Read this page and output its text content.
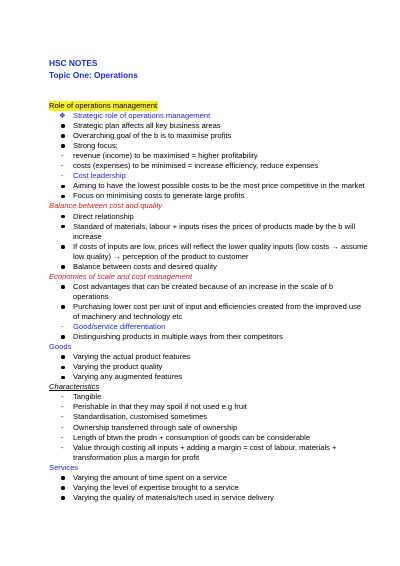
HSC NOTES
Topic One: Operations
Role of operations management
❖ Strategic role of operations management
Strategic plan affects all key business areas
Overarching goal of the b is to maximise profits
Strong focus;
- revenue (income) to be maximised = higher profitability
- costs (expenses) to be minimised = increase efficiency, reduce expenses
- Cost leadership
Aiming to have the lowest possible costs to be the most price competitive in the market
Focus on minimising costs to generate large profits
Balance between cost and quality
Direct relationship
Standard of materials, labour + inputs rises the prices of products made by the b will increase
If costs of inputs are low, prices will reflect the lower quality inputs (low costs → assume low quality) → perception of the product to customer
Balance between costs and desired quality
Economies of scale and cost management
Cost advantages that can be created because of an increase in the scale of b operations
Purchasing lower cost per unit of input and efficiencies created from the improved use of machinery and technology etc
- Good/service differentiation
Distinguishing products in multiple ways from their competitors
Goods
Varying the actual product features
Varying the product quality
Varying any augmented features
Characteristics
- Tangible
- Perishable in that they may spoil if not used e.g fruit
- Standardisation, customised sometimes
- Ownership transferred through sale of ownership
- Length of btwn the prodn + consumption of goods can be considerable
- Value through costing all inputs + adding a margin = cost of labour, materials + transformation plus a margin for profit
Services
Varying the amount of time spent on a service
Varying the level of expertise brought to a service
Varying the quality of materials/tech used in service delivery
